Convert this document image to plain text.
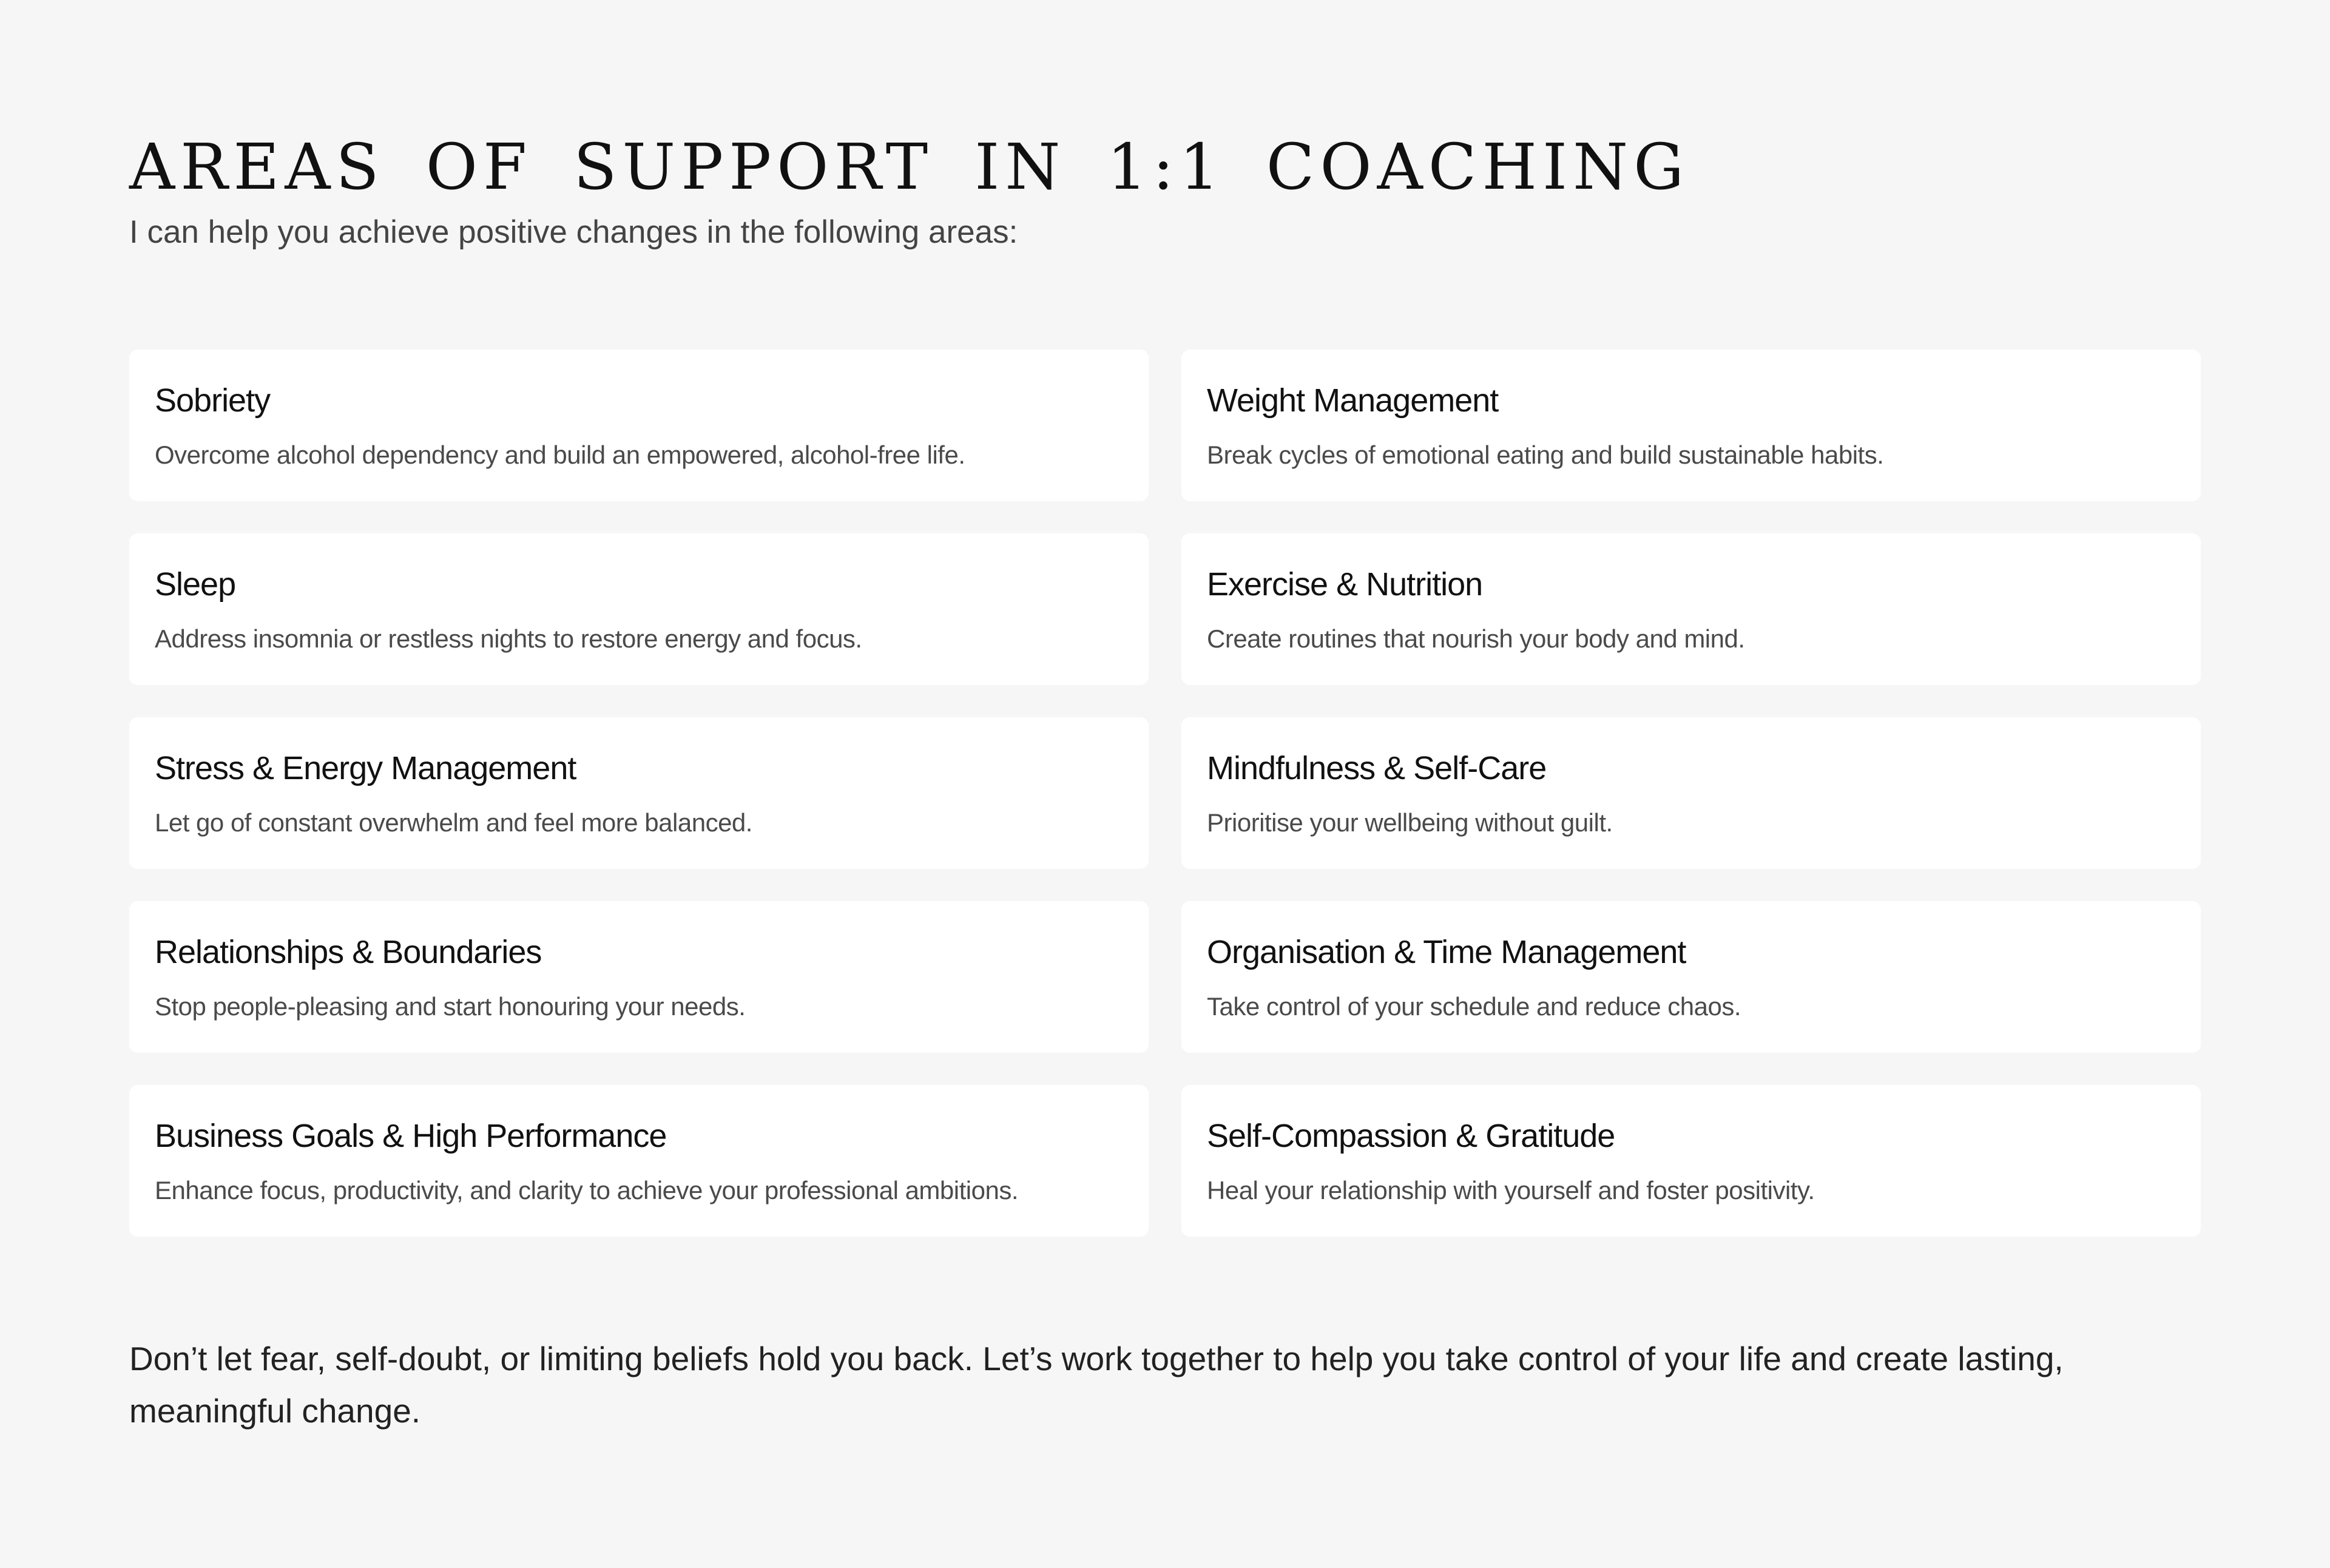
AREAS OF SUPPORT IN 1:1 COACHING

I can help you achieve positive changes in the following areas:

Sobriety

Overcome alcohol dependency and build an empowered, alcohol-free life.

Weight Management

Break cycles of emotional eating and build sustainable habits.

Sleep

Address insomnia or restless nights to restore energy and focus.

Exercise & Nutrition

Create routines that nourish your body and mind.

Stress & Energy Management

Let go of constant overwhelm and feel more balanced.

Mindfulness & Self-Care

Prioritise your wellbeing without guilt.

Relationships & Boundaries

Stop people-pleasing and start honouring your needs.

Organisation & Time Management

Take control of your schedule and reduce chaos.

Business Goals & High Performance

Enhance focus, productivity, and clarity to achieve your professional ambitions.

Self-Compassion & Gratitude

Heal your relationship with yourself and foster positivity.

Don’t let fear, self-doubt, or limiting beliefs hold you back. Let’s work together to help you take control of your life and create lasting, meaningful change.
